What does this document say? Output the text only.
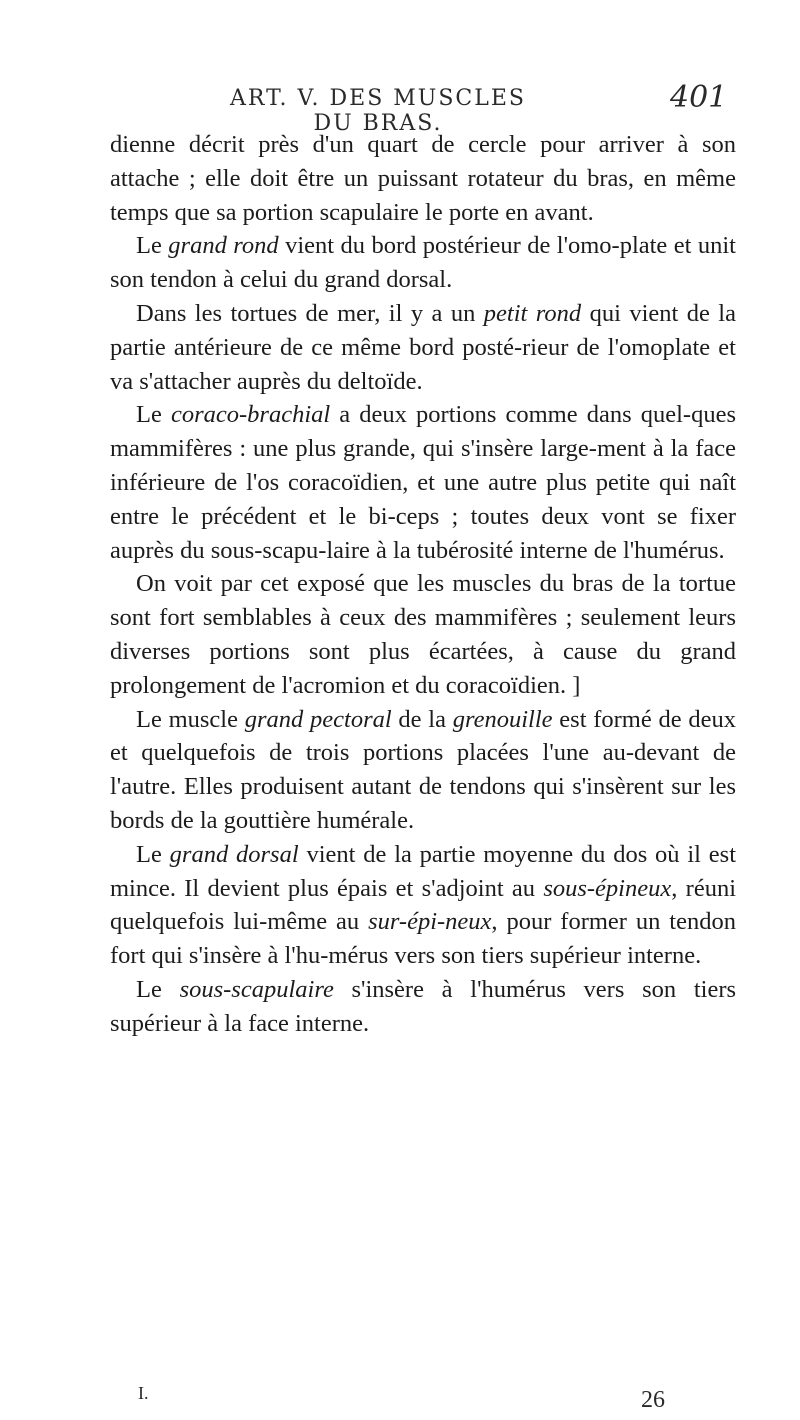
ART. V. DES MUSCLES DU BRAS.
401

dienne décrit près d'un quart de cercle pour arriver à son attache ; elle doit être un puissant rotateur du bras, en même temps que sa portion scapulaire le porte en avant.

Le grand rond vient du bord postérieur de l'omo-plate et unit son tendon à celui du grand dorsal.

Dans les tortues de mer, il y a un petit rond qui vient de la partie antérieure de ce même bord posté-rieur de l'omoplate et va s'attacher auprès du deltoïde.

Le coraco-brachial a deux portions comme dans quel-ques mammifères : une plus grande, qui s'insère large-ment à la face inférieure de l'os coracoïdien, et une autre plus petite qui naît entre le précédent et le bi-ceps ; toutes deux vont se fixer auprès du sous-scapu-laire à la tubérosité interne de l'humérus.

On voit par cet exposé que les muscles du bras de la tortue sont fort semblables à ceux des mammifères ; seulement leurs diverses portions sont plus écartées, à cause du grand prolongement de l'acromion et du coracoïdien. ]

Le muscle grand pectoral de la grenouille est formé de deux et quelquefois de trois portions placées l'une au-devant de l'autre. Elles produisent autant de tendons qui s'insèrent sur les bords de la gouttière humérale.

Le grand dorsal vient de la partie moyenne du dos où il est mince. Il devient plus épais et s'adjoint au sous-épineux, réuni quelquefois lui-même au sur-épi-neux, pour former un tendon fort qui s'insère à l'hu-mérus vers son tiers supérieur interne.

Le sous-scapulaire s'insère à l'humérus vers son tiers supérieur à la face interne.

I.	26
